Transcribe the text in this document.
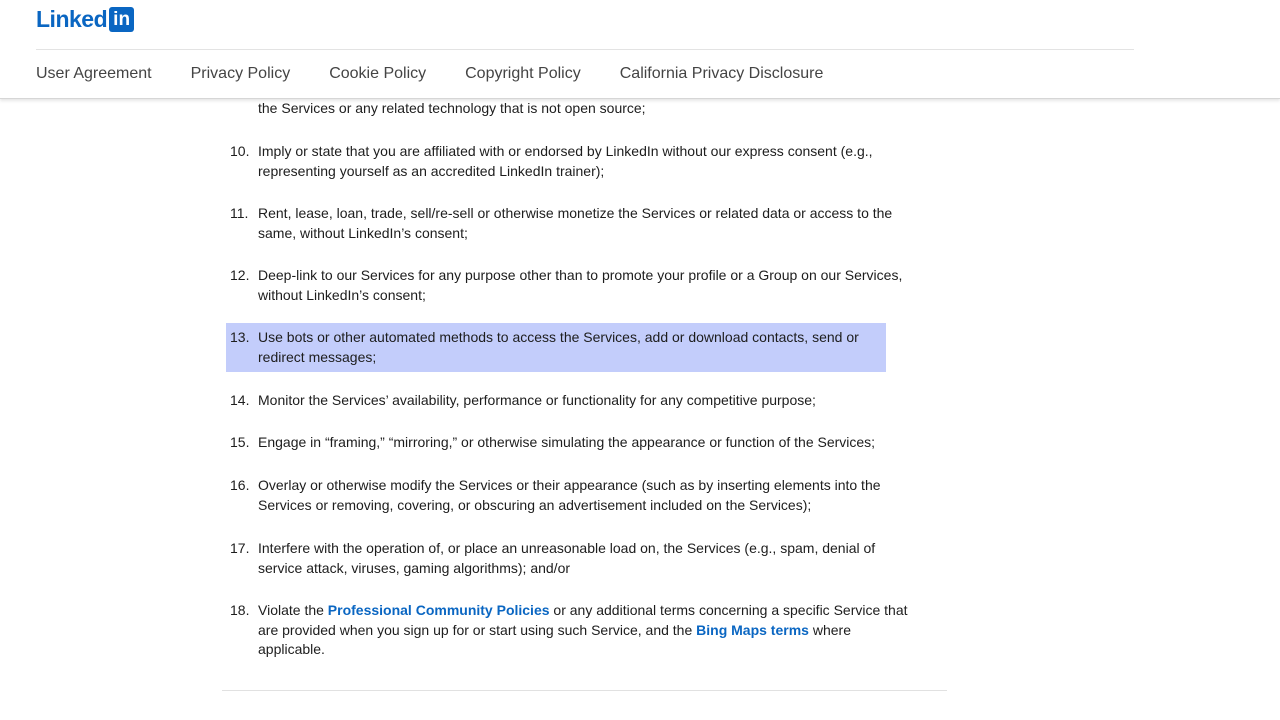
the Services or any related technology that is not open source;
10. Imply or state that you are affiliated with or endorsed by LinkedIn without our express consent (e.g., representing yourself as an accredited LinkedIn trainer);
11. Rent, lease, loan, trade, sell/re-sell or otherwise monetize the Services or related data or access to the same, without LinkedIn’s consent;
12. Deep-link to our Services for any purpose other than to promote your profile or a Group on our Services, without LinkedIn’s consent;
13. Use bots or other automated methods to access the Services, add or download contacts, send or redirect messages;
14. Monitor the Services’ availability, performance or functionality for any competitive purpose;
15. Engage in “framing,” “mirroring,” or otherwise simulating the appearance or function of the Services;
16. Overlay or otherwise modify the Services or their appearance (such as by inserting elements into the Services or removing, covering, or obscuring an advertisement included on the Services);
17. Interfere with the operation of, or place an unreasonable load on, the Services (e.g., spam, denial of service attack, viruses, gaming algorithms); and/or
18. Violate the Professional Community Policies or any additional terms concerning a specific Service that are provided when you sign up for or start using such Service, and the Bing Maps terms where applicable.
Linked in
User Agreement Privacy Policy Cookie Policy Copyright Policy California Privacy Disclosure
